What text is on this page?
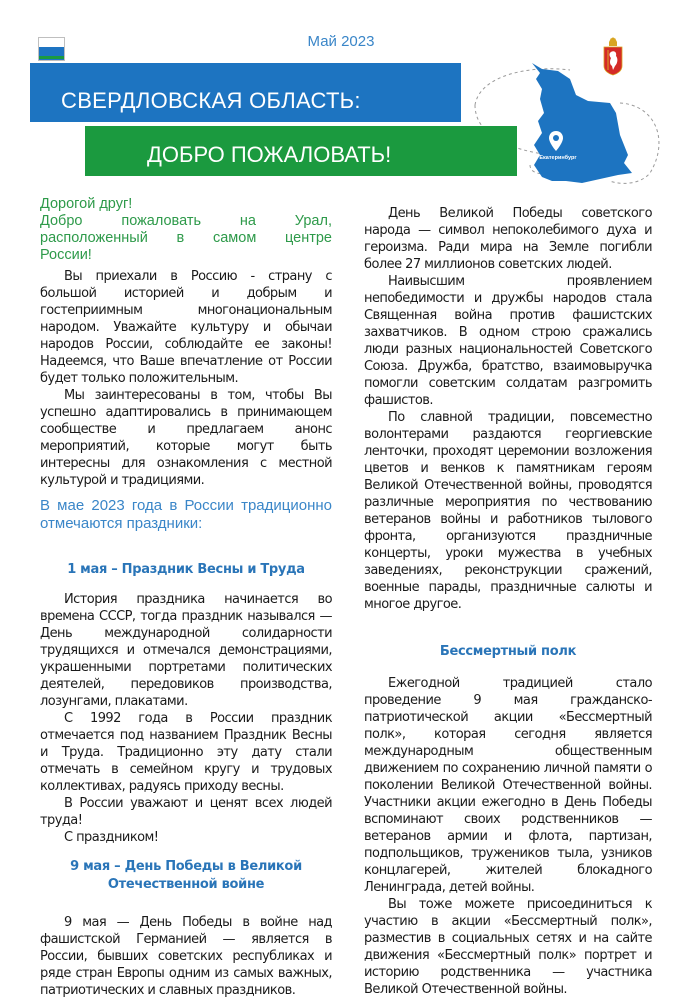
Май 2023
Екатеринбург
СВЕРДЛОВСКАЯ ОБЛАСТЬ:
ДОБРО ПОЖАЛОВАТЬ!
Дорогой друг!
Добро пожаловать на Урал,
расположенный в самом центре
России!

Вы приехали в Россию - страну с большой историей и добрым и гостеприимным многонациональным народом. Уважайте культуру и обычаи народов России, соблюдайте ее законы! Надеемся, что Ваше впечатление от России будет только положительным.

Мы заинтересованы в том, чтобы Вы успешно адаптировались в принимающем сообществе и предлагаем анонс мероприятий, которые могут быть интересны для ознакомления с местной культурой и традициями.

В мае 2023 года в России традиционно отмечаются праздники:
1 мая – Праздник Весны и Труда

История праздника начинается во времена СССР, тогда праздник назывался — День международной солидарности трудящихся и отмечался демонстрациями, украшенными портретами политических деятелей, передовиков производства, лозунгами, плакатами.

С 1992 года в России праздник отмечается под названием Праздник Весны и Труда. Традиционно эту дату стали отмечать в семейном кругу и трудовых коллективах, радуясь приходу весны.

В России уважают и ценят всех людей труда!

С праздником!

9 мая – День Победы в Великой
Отечественной войне

9 мая — День Победы в войне над фашистской Германией — является в России, бывших советских республиках и ряде стран Европы одним из самых важных, патриотических и славных праздников.

День Великой Победы советского народа — символ непоколебимого духа и героизма. Ради мира на Земле погибли более 27 миллионов советских людей.

Наивысшим проявлением непобедимости и дружбы народов стала Священная война против фашистских захватчиков. В одном строю сражались люди разных национальностей Советского Союза. Дружба, братство, взаимовыручка помогли советским солдатам разгромить фашистов.

По славной традиции, повсеместно волонтерами раздаются георгиевские ленточки, проходят церемонии возложения цветов и венков к памятникам героям Великой Отечественной войны, проводятся различные мероприятия по чествованию ветеранов войны и работников тылового фронта, организуются праздничные концерты, уроки мужества в учебных заведениях, реконструкции сражений, военные парады, праздничные салюты и многое другое.

Бессмертный полк

Ежегодной традицией стало проведение 9 мая гражданско-патриотической акции «Бессмертный полк», которая сегодня является международным общественным движением по сохранению личной памяти о поколении Великой Отечественной войны. Участники акции ежегодно в День Победы вспоминают своих родственников — ветеранов армии и флота, партизан, подпольщиков, тружеников тыла, узников концлагерей, жителей блокадного Ленинграда, детей войны.

Вы тоже можете присоединиться к участию в акции «Бессмертный полк», разместив в социальных сетях и на сайте движения «Бессмертный полк» портрет и историю родственника — участника Великой Отечественной войны.
